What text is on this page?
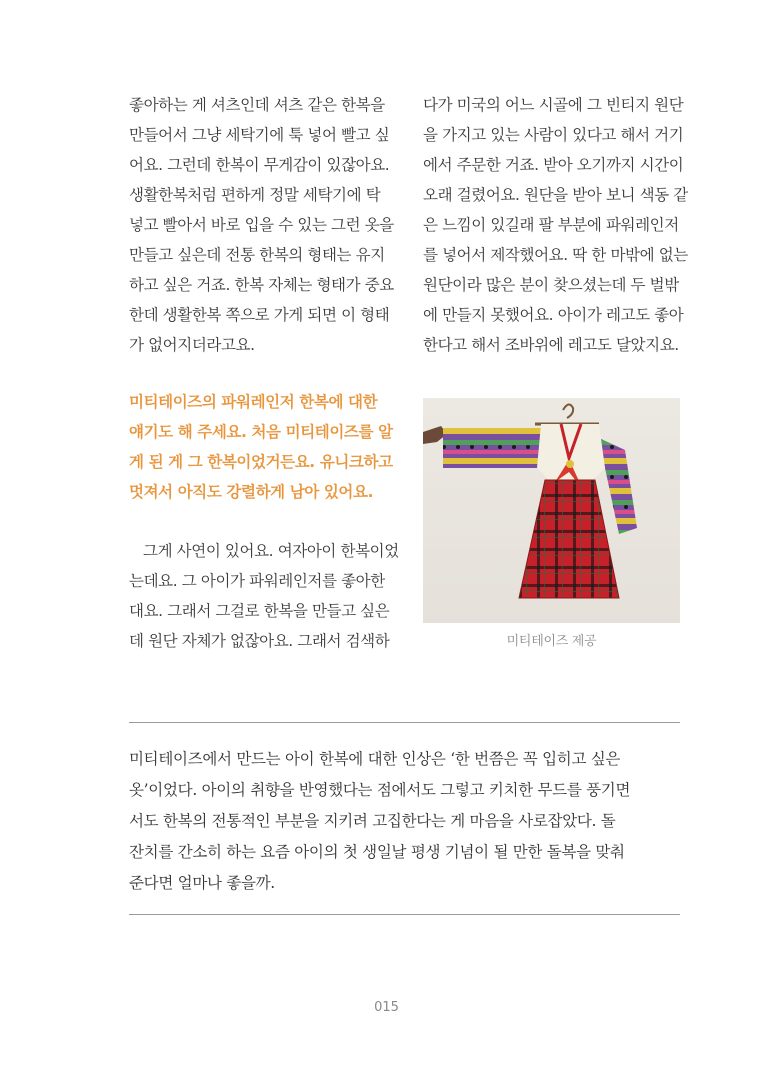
좋아하는 게 셔츠인데 셔츠 같은 한복을

만들어서 그냥 세탁기에 툭 넣어 빨고 싶

어요. 그런데 한복이 무게감이 있잖아요.

생활한복처럼 편하게 정말 세탁기에 탁

넣고 빨아서 바로 입을 수 있는 그런 옷을

만들고 싶은데 전통 한복의 형태는 유지

하고 싶은 거죠. 한복 자체는 형태가 중요

한데 생활한복 쪽으로 가게 되면 이 형태

가 없어지더라고요.

다가 미국의 어느 시골에 그 빈티지 원단

을 가지고 있는 사람이 있다고 해서 거기

에서 주문한 거죠. 받아 오기까지 시간이

오래 걸렸어요. 원단을 받아 보니 색동 같

은 느낌이 있길래 팔 부분에 파워레인저

를 넣어서 제작했어요. 딱 한 마밖에 없는

원단이라 많은 분이 찾으셨는데 두 벌밖

에 만들지 못했어요. 아이가 레고도 좋아

한다고 해서 조바위에 레고도 달았지요.

미티테이즈의 파워레인저 한복에 대한

얘기도 해 주세요. 처음 미티테이즈를 알

게 된 게 그 한복이었거든요. 유니크하고

멋져서 아직도 강렬하게 남아 있어요.

그게 사연이 있어요. 여자아이 한복이었

는데요. 그 아이가 파워레인저를 좋아한

대요. 그래서 그걸로 한복을 만들고 싶은

데 원단 자체가 없잖아요. 그래서 검색하	미티테이즈 제공

미티테이즈에서 만드는 아이 한복에 대한 인상은 ‘한 번쯤은 꼭 입히고 싶은

옷’이었다. 아이의 취향을 반영했다는 점에서도 그렇고 키치한 무드를 풍기면

서도 한복의 전통적인 부분을 지키려 고집한다는 게 마음을 사로잡았다. 돌

잔치를 간소히 하는 요즘 아이의 첫 생일날 평생 기념이 될 만한 돌복을 맞춰

준다면 얼마나 좋을까.

015
